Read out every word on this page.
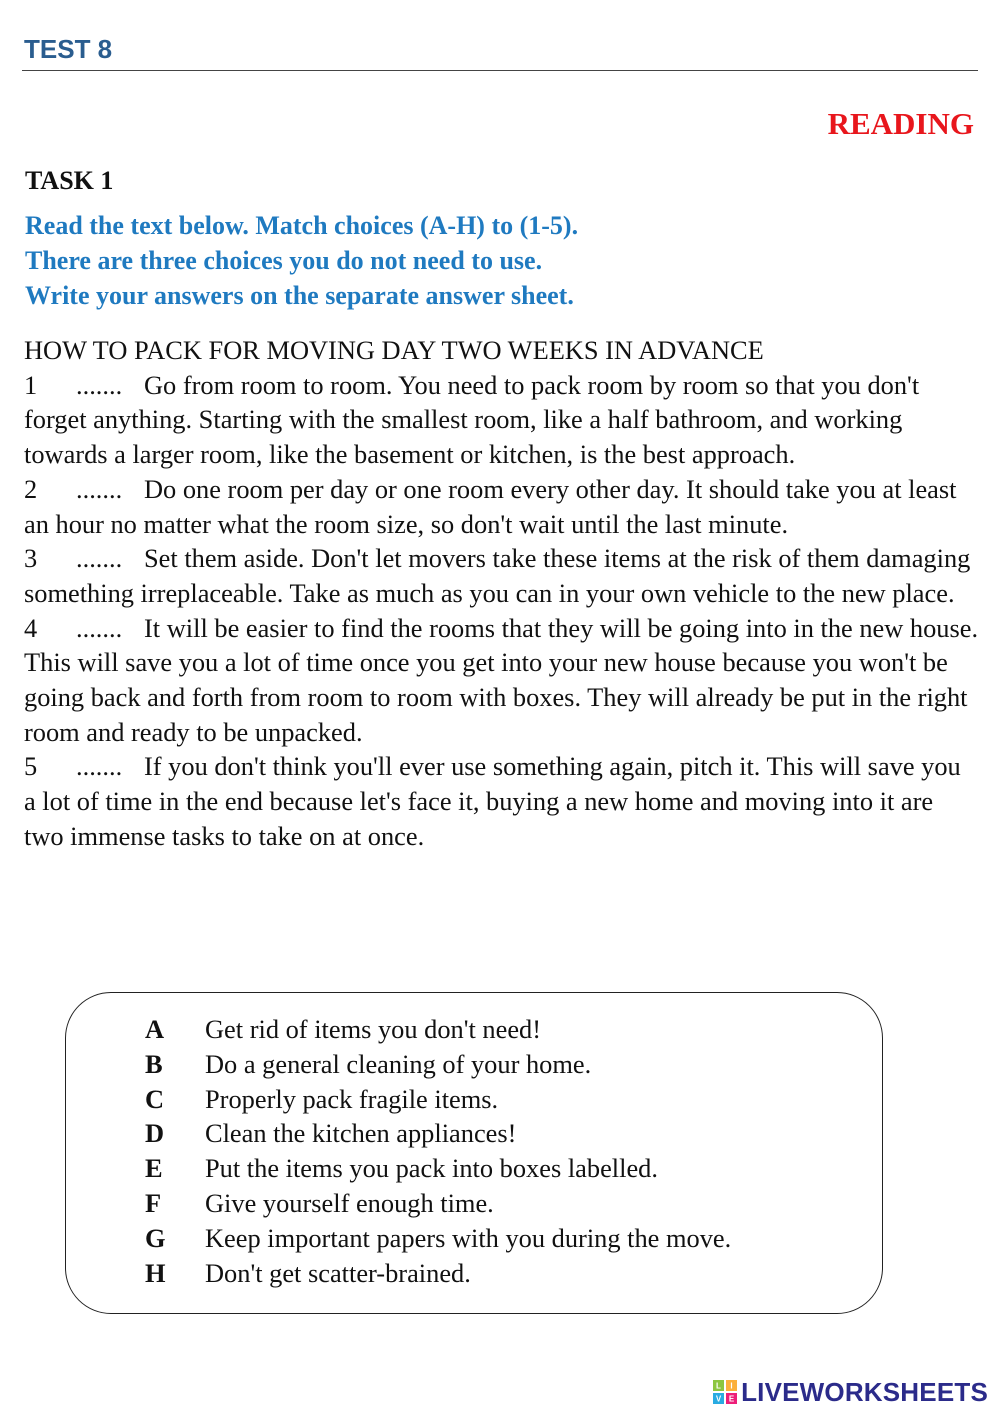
TEST 8
READING
TASK 1
Read the text below. Match choices (A-H) to (1-5).
There are three choices you do not need to use.
Write your answers on the separate answer sheet.
HOW TO PACK FOR MOVING DAY TWO WEEKS IN ADVANCE
1 ....... Go from room to room. You need to pack room by room so that you don't forget anything. Starting with the smallest room, like a half bathroom, and working towards a larger room, like the basement or kitchen, is the best approach.
2 ....... Do one room per day or one room every other day. It should take you at least an hour no matter what the room size, so don't wait until the last minute.
3 ....... Set them aside. Don't let movers take these items at the risk of them damaging something irreplaceable. Take as much as you can in your own vehicle to the new place.
4 ....... It will be easier to find the rooms that they will be going into in the new house. This will save you a lot of time once you get into your new house because you won't be going back and forth from room to room with boxes. They will already be put in the right room and ready to be unpacked.
5 ....... If you don't think you'll ever use something again, pitch it. This will save you a lot of time in the end because let's face it, buying a new home and moving into it are two immense tasks to take on at once.
A Get rid of items you don't need!
B Do a general cleaning of your home.
C Properly pack fragile items.
D Clean the kitchen appliances!
E Put the items you pack into boxes labelled.
F Give yourself enough time.
G Keep important papers with you during the move.
H Don't get scatter-brained.
L I
V E LIVEWORKSHEETS
